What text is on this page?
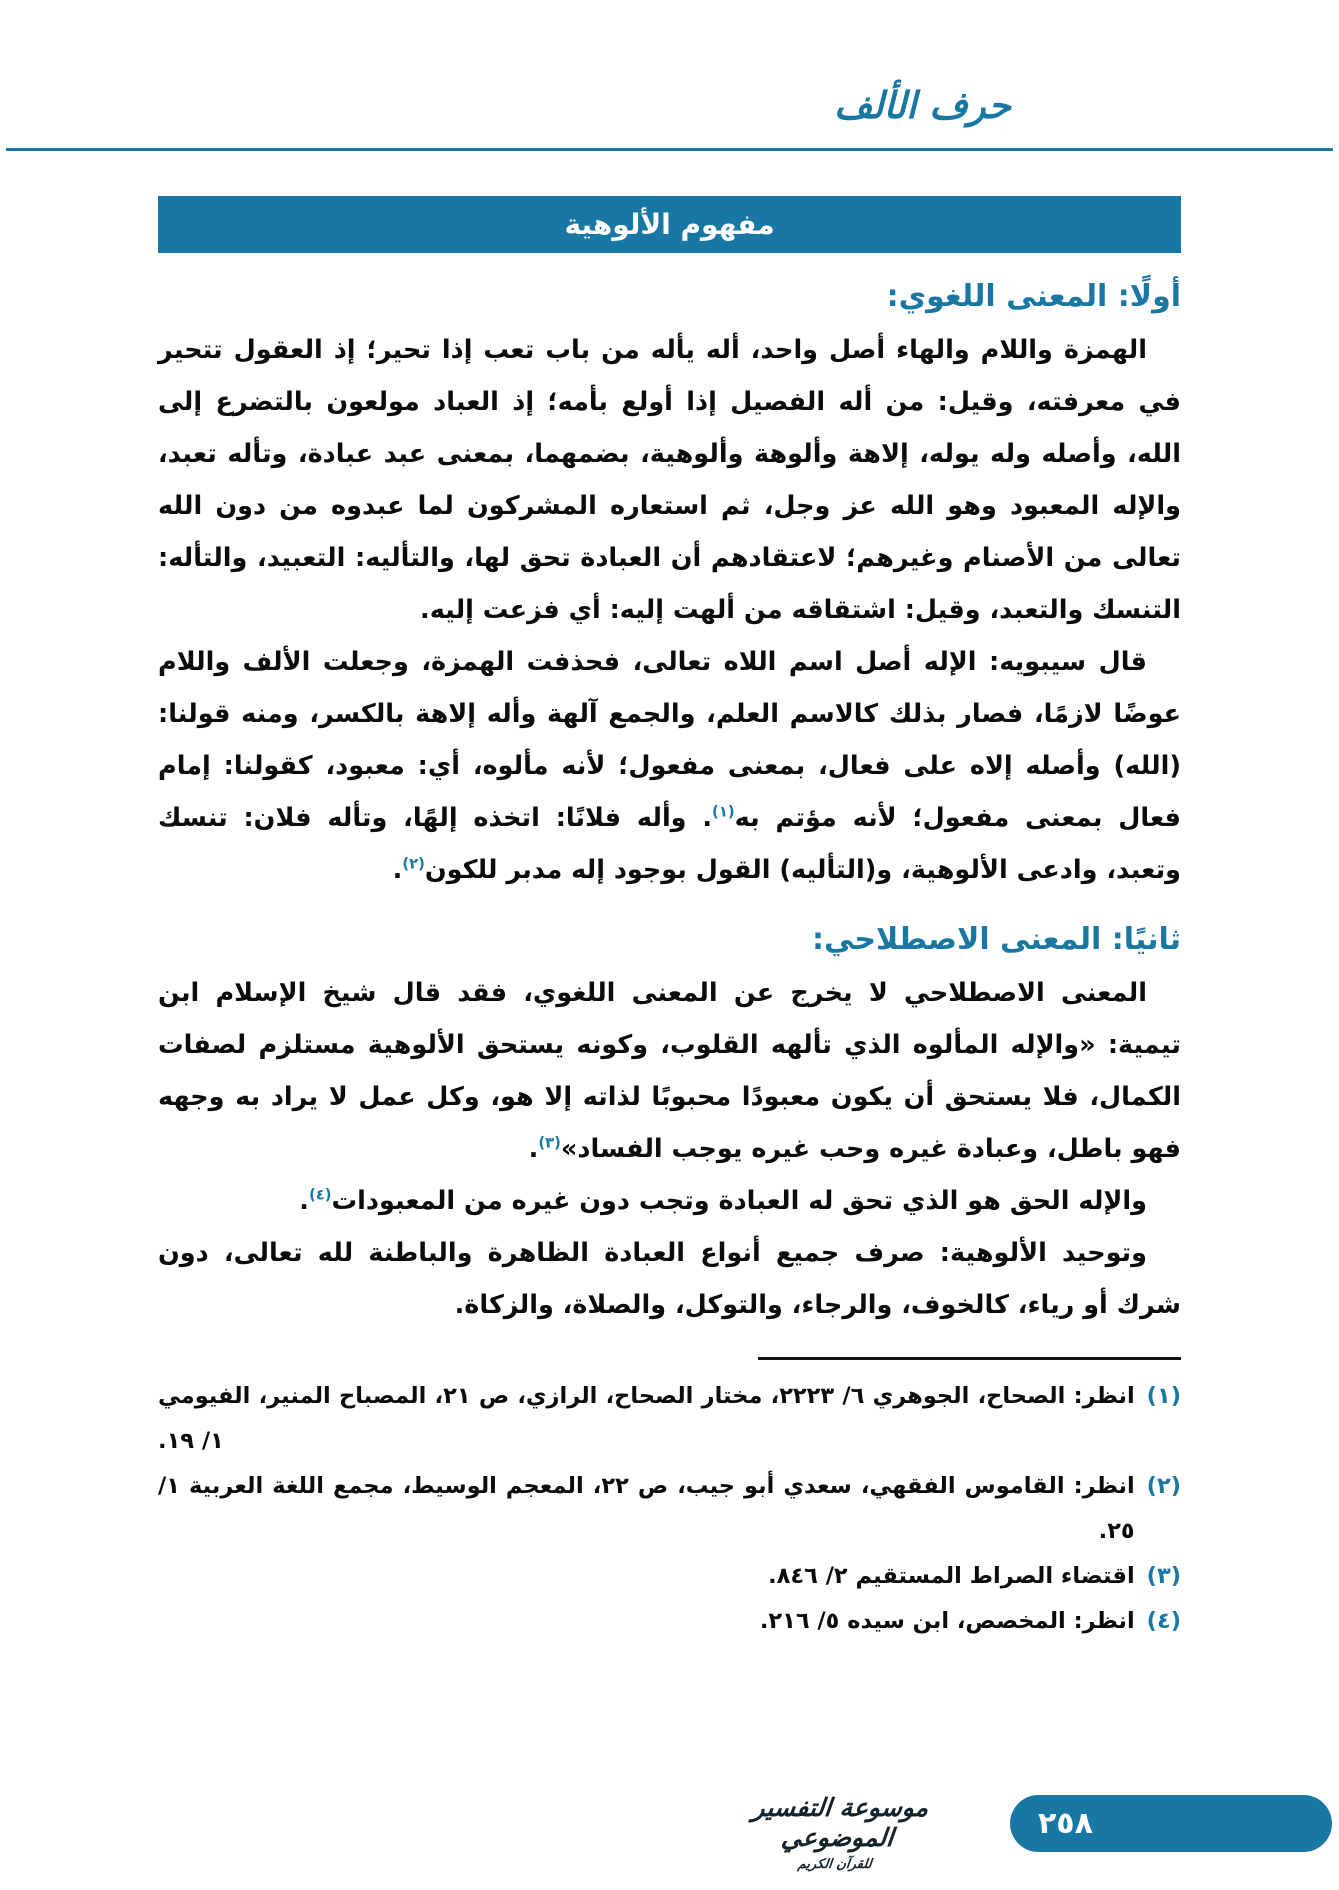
حرف الألف
مفهوم الألوهية
أولًا: المعنى اللغوي:

الهمزة واللام والهاء أصل واحد، أله يأله من باب تعب إذا تحير؛ إذ العقول تتحير في معرفته، وقيل: من أله الفصيل إذا أولع بأمه؛ إذ العباد مولعون بالتضرع إلى الله، وأصله وله يوله، إلاهة وألوهة وألوهية، بضمهما، بمعنى عبد عبادة، وتأله تعبد، والإله المعبود وهو الله عز وجل، ثم استعاره المشركون لما عبدوه من دون الله تعالى من الأصنام وغيرهم؛ لاعتقادهم أن العبادة تحق لها، والتأليه: التعبيد، والتأله: التنسك والتعبد، وقيل: اشتقاقه من ألهت إليه: أي فزعت إليه.

قال سيبويه: الإله أصل اسم اللاه تعالى، فحذفت الهمزة، وجعلت الألف واللام عوضًا لازمًا، فصار بذلك كالاسم العلم، والجمع آلهة وأله إلاهة بالكسر، ومنه قولنا: (الله) وأصله إلاه على فعال، بمعنى مفعول؛ لأنه مألوه، أي: معبود، كقولنا: إمام فعال بمعنى مفعول؛ لأنه مؤتم به$^{(١)}$. وأله فلانًا: اتخذه إلهًا، وتأله فلان: تنسك وتعبد، وادعى الألوهية، و(التأليه) القول بوجود إله مدبر للكون$^{(٢)}$.

ثانيًا: المعنى الاصطلاحي:

المعنى الاصطلاحي لا يخرج عن المعنى اللغوي، فقد قال شيخ الإسلام ابن تيمية: «والإله المألوه الذي تألهه القلوب، وكونه يستحق الألوهية مستلزم لصفات الكمال، فلا يستحق أن يكون معبودًا محبوبًا لذاته إلا هو، وكل عمل لا يراد به وجهه فهو باطل، وعبادة غيره وحب غيره يوجب الفساد»$^{(٣)}$.

والإله الحق هو الذي تحق له العبادة وتجب دون غيره من المعبودات$^{(٤)}$.

وتوحيد الألوهية: صرف جميع أنواع العبادة الظاهرة والباطنة لله تعالى، دون شرك أو رياء، كالخوف، والرجاء، والتوكل، والصلاة، والزكاة.

(١)
انظر: الصحاح، الجوهري ٦/ ٢٢٢٣، مختار الصحاح، الرازي، ص ٢١، المصباح المنير، الفيومي ١/ ١٩.
(٢)
انظر: القاموس الفقهي، سعدي أبو جيب، ص ٢٢، المعجم الوسيط، مجمع اللغة العربية ١/ ٢٥.
(٣)
اقتضاء الصراط المستقيم ٢/ ٨٤٦.
(٤)
انظر: المخصص، ابن سيده ٥/ ٢١٦.
موسوعة التفسير الموضوعي
للقرآن الكريم
٢٥٨
